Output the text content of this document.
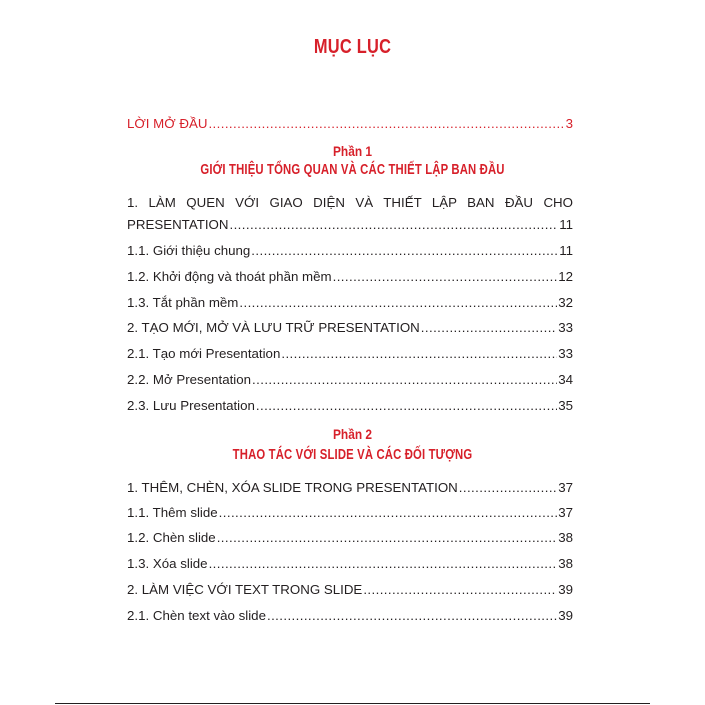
MỤC LỤC
LỜI MỞ ĐẦU .....	3
Phần 1
GIỚI THIỆU TỔNG QUAN VÀ CÁC THIẾT LẬP BAN ĐẦU
1. LÀM QUEN VỚI GIAO DIỆN VÀ THIẾT LẬP BAN ĐẦU CHO
PRESENTATION .....	11
1.1. Giới thiệu chung .....	11
1.2. Khởi động và thoát phần mềm .....	12
1.3. Tắt phần mềm .....	32
2. TẠO MỚI, MỞ VÀ LƯU TRỮ PRESENTATION .....	33
2.1. Tạo mới Presentation .....	33
2.2. Mở Presentation .....	34
2.3. Lưu Presentation .....	35
Phần 2
THAO TÁC VỚI SLIDE VÀ CÁC ĐỐI TƯỢNG
1. THÊM, CHÈN, XÓA SLIDE TRONG PRESENTATION .....	37
1.1. Thêm slide .....	37
1.2. Chèn slide .....	38
1.3. Xóa slide .....	38
2. LÀM VIỆC VỚI TEXT TRONG SLIDE .....	39
2.1. Chèn text vào slide .....	39
